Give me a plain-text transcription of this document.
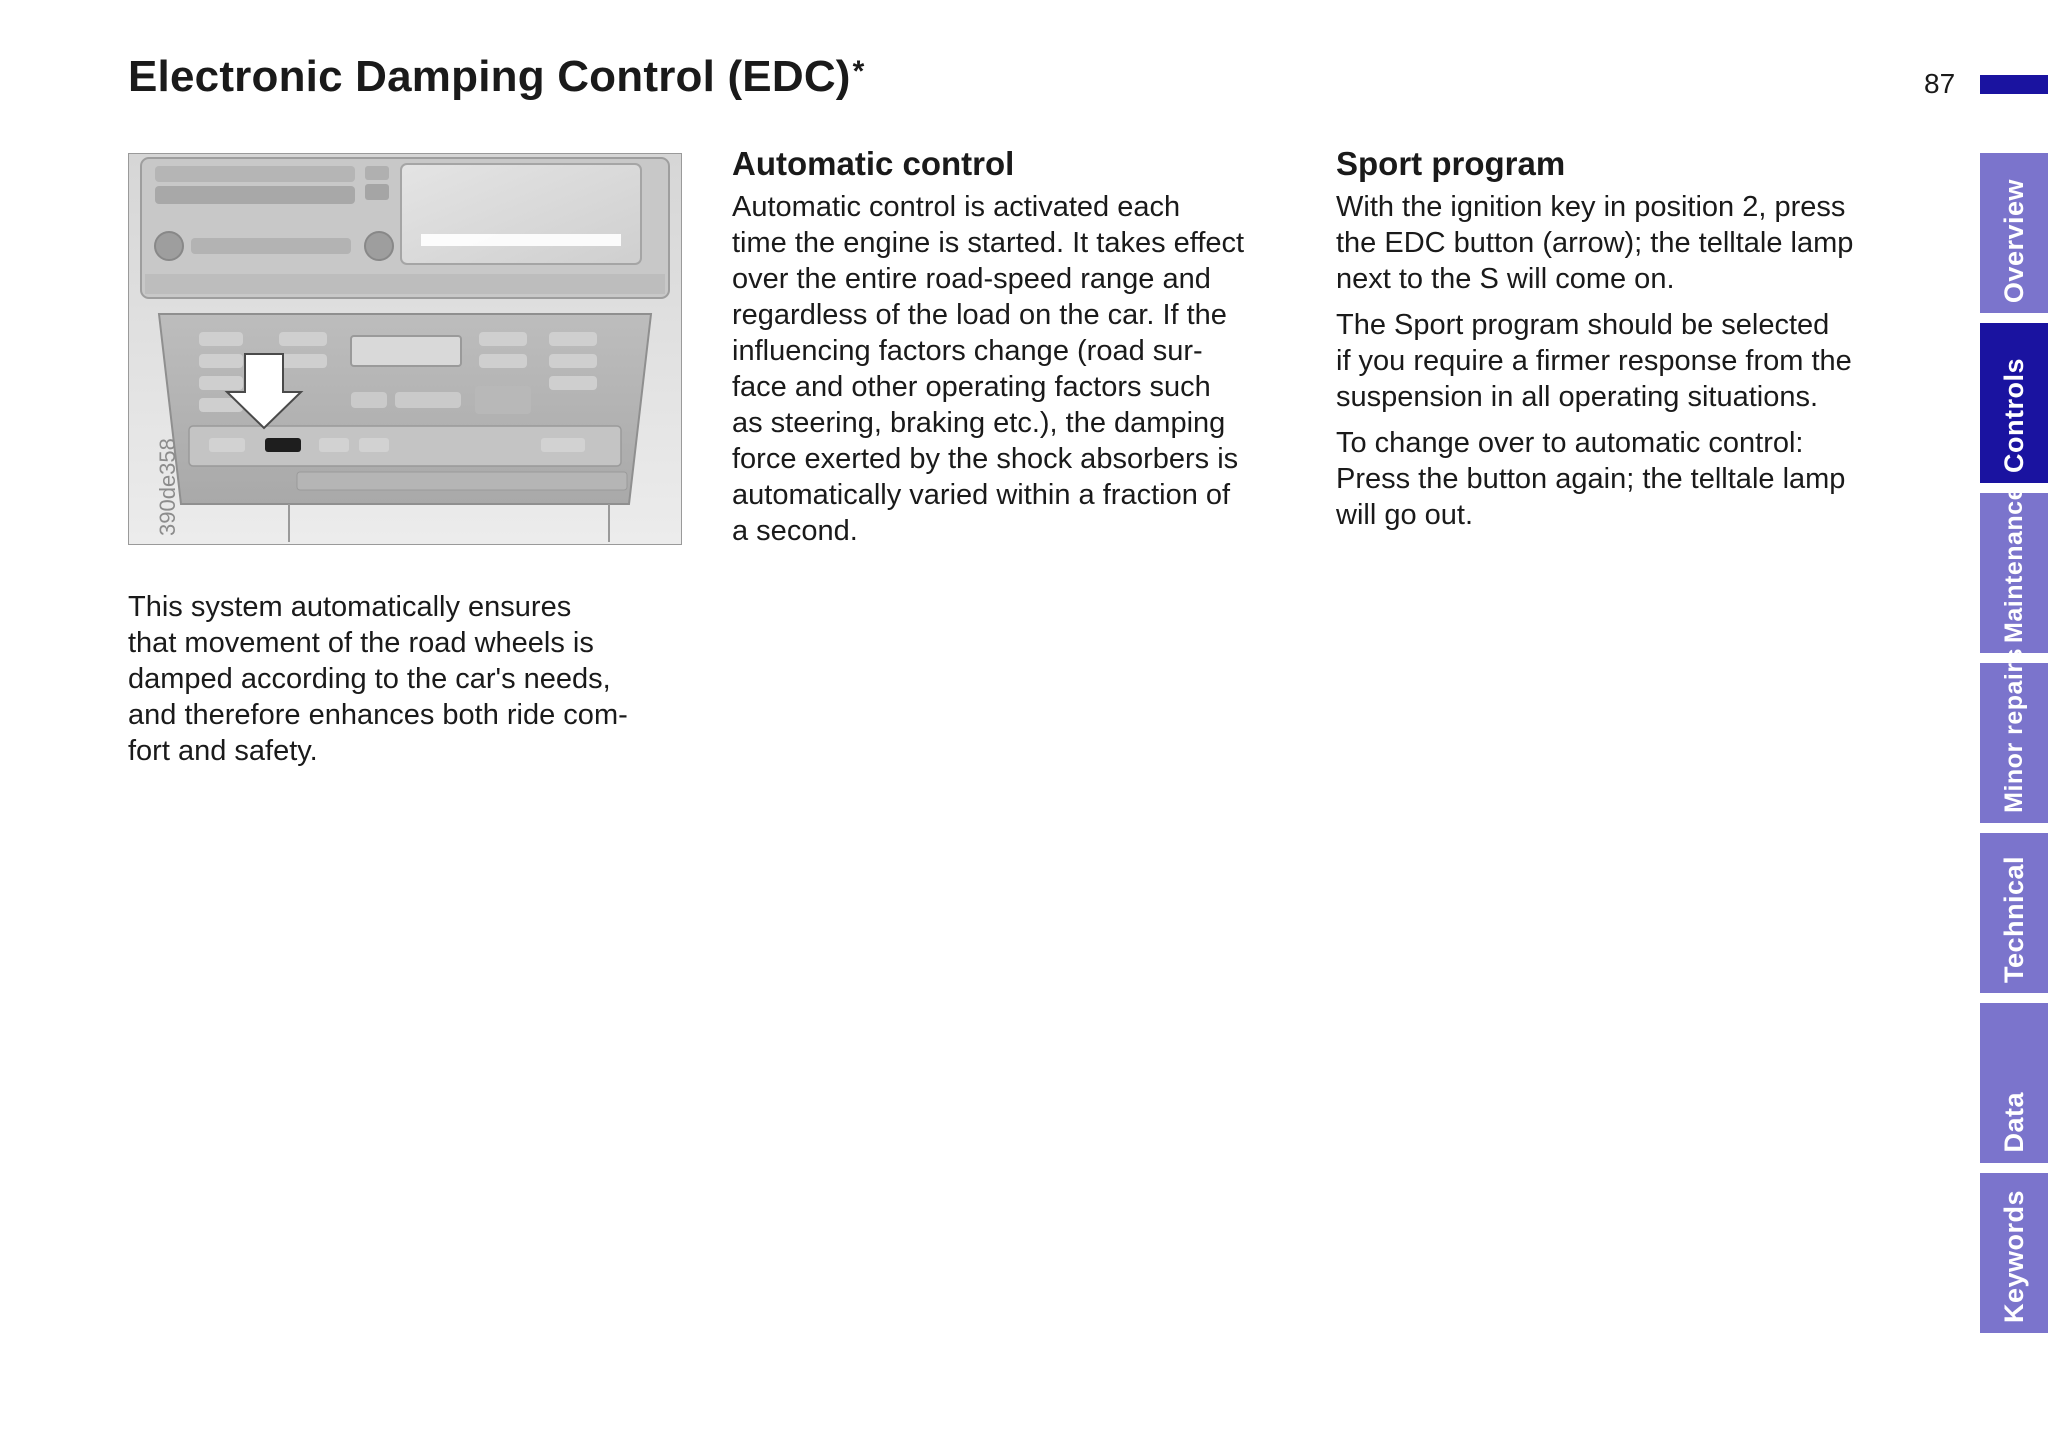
Electronic Damping Control (EDC)*	87
390de358

This system automatically ensures
that movement of the road wheels is
damped according to the car's needs,
and therefore enhances both ride com-
fort and safety.

Automatic control

Automatic control is activated each
time the engine is started. It takes effect
over the entire road-speed range and
regardless of the load on the car. If the
influencing factors change (road sur-
face and other operating factors such
as steering, braking etc.), the damping
force exerted by the shock absorbers is
automatically varied within a fraction of
a second.

Sport program

With the ignition key in position 2, press
the EDC button (arrow); the telltale lamp
next to the S will come on.

The Sport program should be selected
if you require a firmer response from the
suspension in all operating situations.

To change over to automatic control:
Press the button again; the telltale lamp
will go out.

Overview
Controls
Maintenance
Minor repairs
Technical
Data
Keywords
